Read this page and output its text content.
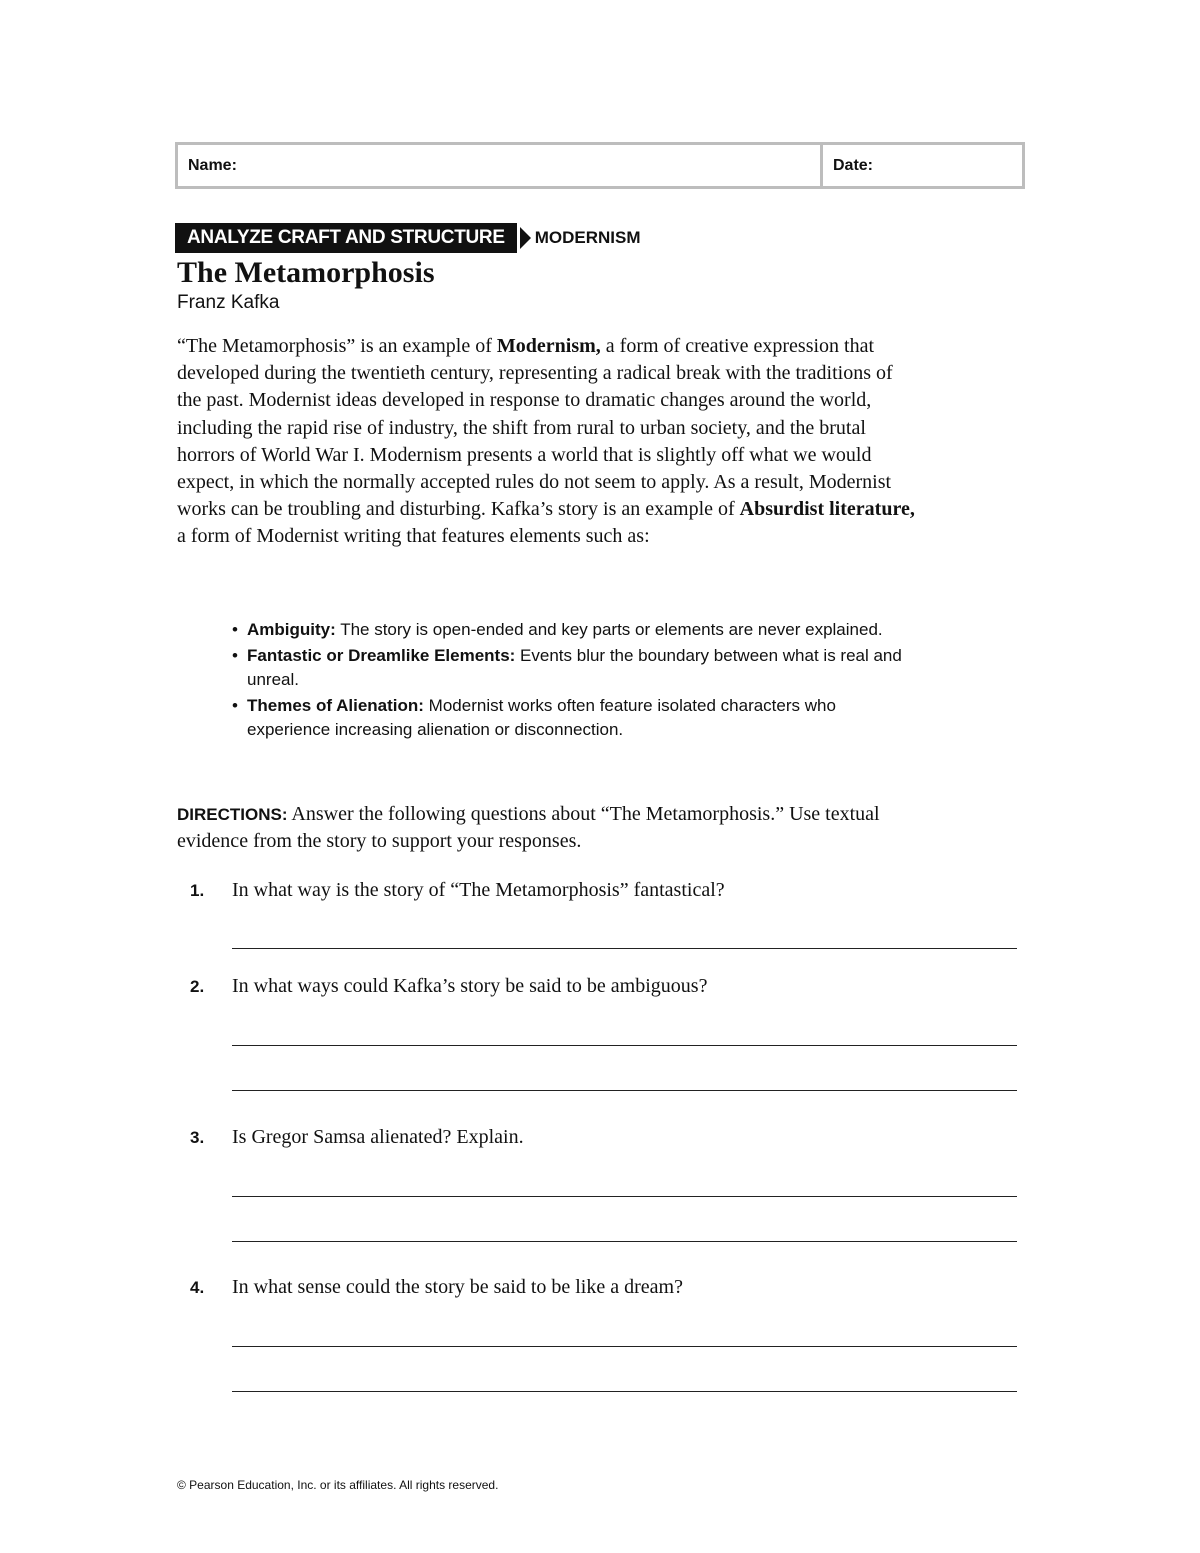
Name:	Date:
ANALYZE CRAFT AND STRUCTURE	MODERNISM
The Metamorphosis
Franz Kafka

“The Metamorphosis” is an example of Modernism, a form of creative expression that developed during the twentieth century, representing a radical break with the traditions of the past. Modernist ideas developed in response to dramatic changes around the world, including the rapid rise of industry, the shift from rural to urban society, and the brutal horrors of World War I. Modernism presents a world that is slightly off what we would expect, in which the normally accepted rules do not seem to apply. As a result, Modernist works can be troubling and disturbing. Kafka’s story is an example of Absurdist literature, a form of Modernist writing that features elements such as:

• Ambiguity: The story is open-ended and key parts or elements are never explained.
• Fantastic or Dreamlike Elements: Events blur the boundary between what is real and unreal.
• Themes of Alienation: Modernist works often feature isolated characters who experience increasing alienation or disconnection.

DIRECTIONS: Answer the following questions about “The Metamorphosis.” Use textual evidence from the story to support your responses.

1.	In what way is the story of “The Metamorphosis” fantastical?
2.	In what ways could Kafka’s story be said to be ambiguous?
3.	Is Gregor Samsa alienated? Explain.
4.	In what sense could the story be said to be like a dream?
© Pearson Education, Inc. or its affiliates. All rights reserved.
